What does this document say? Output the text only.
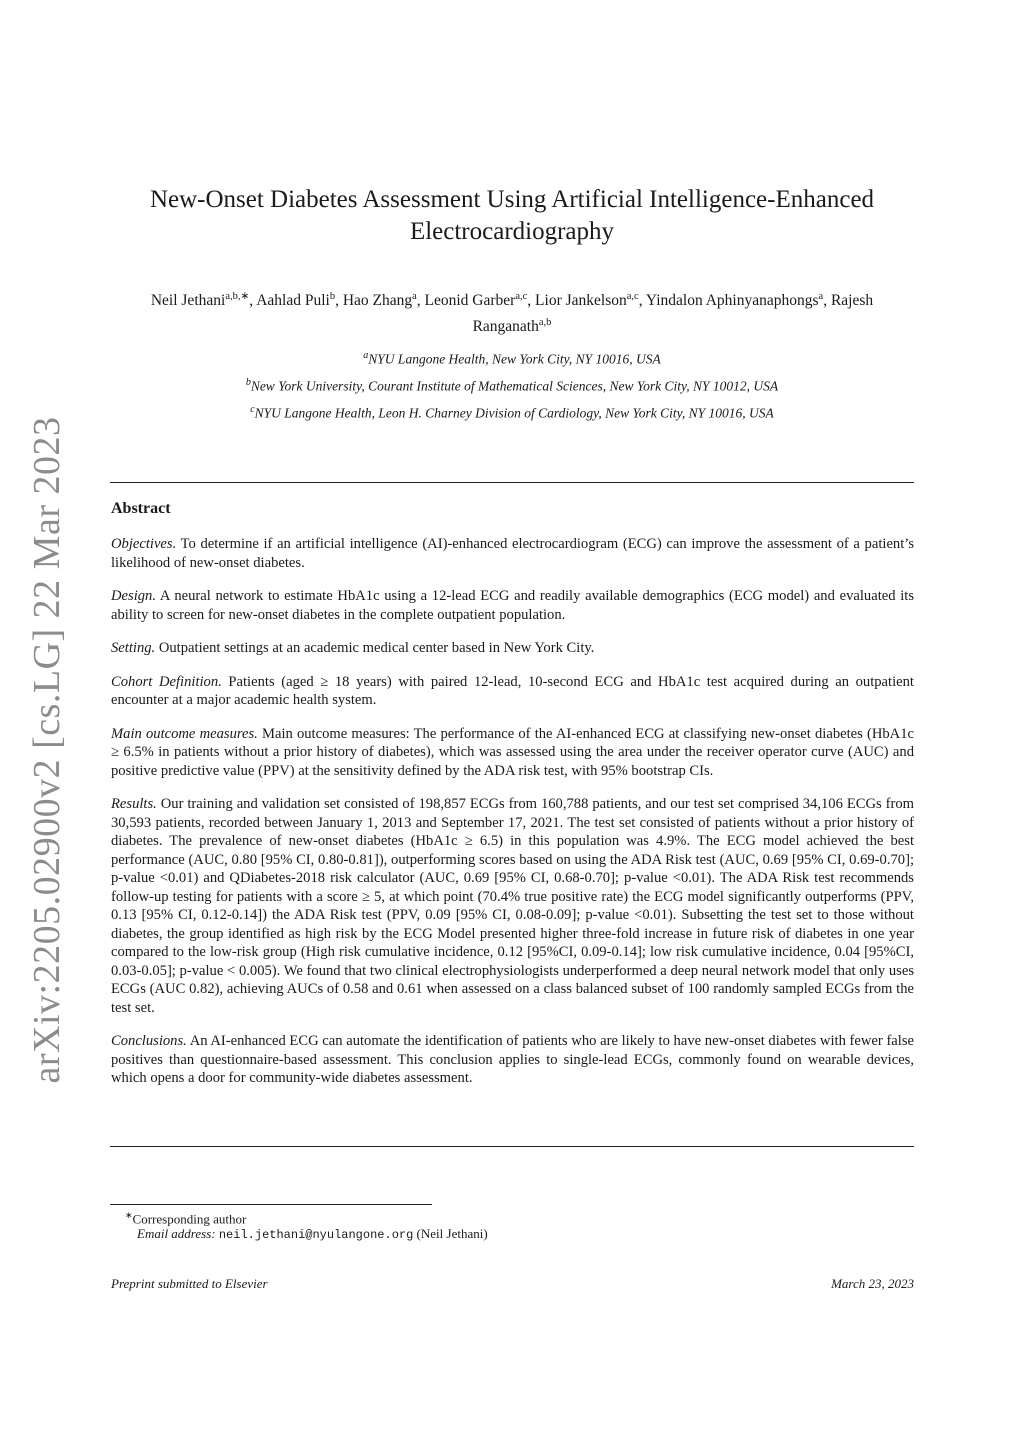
arXiv:2205.02900v2 [cs.LG] 22 Mar 2023
New-Onset Diabetes Assessment Using Artificial Intelligence-Enhanced Electrocardiography
Neil Jethani$^{a,b,∗}$, Aahlad Puli$^b$, Hao Zhang$^a$, Leonid Garber$^{a,c}$, Lior Jankelson$^{a,c}$, Yindalon Aphinyanaphongs$^a$, Rajesh Ranganath$^{a,b}$
$^a$NYU Langone Health, New York City, NY 10016, USA
$^b$New York University, Courant Institute of Mathematical Sciences, New York City, NY 10012, USA
$^c$NYU Langone Health, Leon H. Charney Division of Cardiology, New York City, NY 10016, USA
Abstract

Objectives. To determine if an artificial intelligence (AI)-enhanced electrocardiogram (ECG) can improve the assessment of a patient’s likelihood of new-onset diabetes.

Design. A neural network to estimate HbA1c using a 12-lead ECG and readily available demographics (ECG model) and evaluated its ability to screen for new-onset diabetes in the complete outpatient population.

Setting. Outpatient settings at an academic medical center based in New York City.

Cohort Definition. Patients (aged ≥ 18 years) with paired 12-lead, 10-second ECG and HbA1c test acquired during an outpatient encounter at a major academic health system.

Main outcome measures. Main outcome measures: The performance of the AI-enhanced ECG at classifying new-onset diabetes (HbA1c ≥ 6.5% in patients without a prior history of diabetes), which was assessed using the area under the receiver operator curve (AUC) and positive predictive value (PPV) at the sensitivity defined by the ADA risk test, with 95% bootstrap CIs.

Results. Our training and validation set consisted of 198,857 ECGs from 160,788 patients, and our test set comprised 34,106 ECGs from 30,593 patients, recorded between January 1, 2013 and September 17, 2021. The test set consisted of patients without a prior history of diabetes. The prevalence of new-onset diabetes (HbA1c ≥ 6.5) in this population was 4.9%. The ECG model achieved the best performance (AUC, 0.80 [95% CI, 0.80-0.81]), outperforming scores based on using the ADA Risk test (AUC, 0.69 [95% CI, 0.69-0.70]; p-value <0.01) and QDiabetes-2018 risk calculator (AUC, 0.69 [95% CI, 0.68-0.70]; p-value <0.01). The ADA Risk test recommends follow-up testing for patients with a score ≥ 5, at which point (70.4% true positive rate) the ECG model significantly outperforms (PPV, 0.13 [95% CI, 0.12-0.14]) the ADA Risk test (PPV, 0.09 [95% CI, 0.08-0.09]; p-value <0.01). Subsetting the test set to those without diabetes, the group identified as high risk by the ECG Model presented higher three-fold increase in future risk of diabetes in one year compared to the low-risk group (High risk cumulative incidence, 0.12 [95%CI, 0.09-0.14]; low risk cumulative incidence, 0.04 [95%CI, 0.03-0.05]; p-value < 0.005). We found that two clinical electrophysiologists underperformed a deep neural network model that only uses ECGs (AUC 0.82), achieving AUCs of 0.58 and 0.61 when assessed on a class balanced subset of 100 randomly sampled ECGs from the test set.

Conclusions. An AI-enhanced ECG can automate the identification of patients who are likely to have new-onset diabetes with fewer false positives than questionnaire-based assessment. This conclusion applies to single-lead ECGs, commonly found on wearable devices, which opens a door for community-wide diabetes assessment.

∗Corresponding author
Email address: neil.jethani@nyulangone.org (Neil Jethani)
Preprint submitted to Elsevier	March 23, 2023
